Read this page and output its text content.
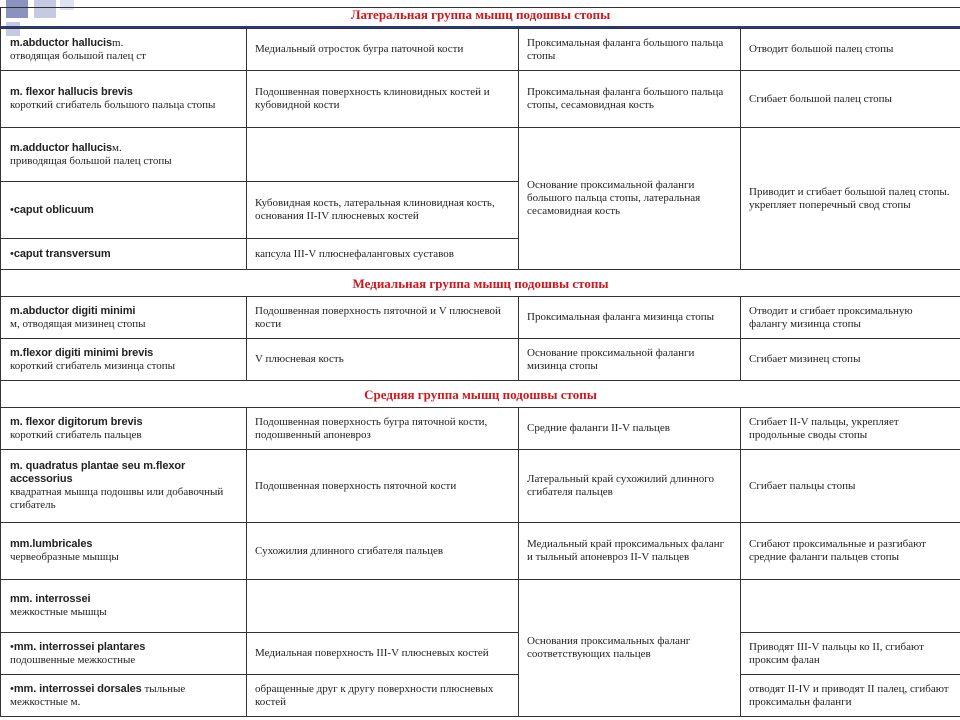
Латеральная группа мышц подошвы стопы			
m.abductor hallucism.
отводящая большой палец ст	Медиальный отросток бугра паточной кости	Проксимальная фаланга большого пальца стопы	Отводит большой палец стопы
m. flexor hallucis brevis
короткий сгибатель большого пальца стопы	Подошвенная поверхность клиновидных костей и кубовидной кости	Проксимальная фаланга большого пальца стопы, сесамовидная кость	Сгибает большой палец стопы
m.adductor hallucisм.
приводящая большой палец стопы		Основание проксимальной фаланги большого пальца стопы, латеральная сесамовидная кость	Приводит и сгибает большой палец стопы. укрепляет поперечный свод стопы
•caput oblicuum	Кубовидная кость, латеральная клиновидная кость, основания II-IV плюсневых костей		
•caput transversum	капсула III-V плюснефаланговых суставов		
Медиальная группа мышц подошвы стопы			
m.abductor digiti minimi
м, отводящая мизинец стопы	Подошвенная поверхность пяточной и V плюсневой кости	Проксимальная фаланга мизинца стопы	Отводит и сгибает проксимальную фалангу мизинца стопы
m.flexor digiti minimi brevis
короткий сгибатель мизинца стопы	V плюсневая кость	Основание проксимальной фаланги мизинца стопы	Сгибает мизинец стопы
Средняя группа мышц подошвы стопы			
m. flexor digitorum brevis
короткий сгибатель пальцев	Подошвенная поверхность бугра пяточной кости, подошвенный апоневроз	Средние фаланги II-V пальцев	Сгибает II-V пальцы, укрепляет продольные своды стопы
m. quadratus plantae seu m.flexor accessorius
квадратная мышца подошвы или добавочный сгибатель	Подошвенная поверхность пяточной кости	Латеральный край сухожилий длинного сгибателя пальцев	Сгибает пальцы стопы
mm.lumbricales
червеобразные мышцы	Сухожилия длинного сгибателя пальцев	Медиальный край проксимальных фаланг и тыльный апоневроз II-V пальцев	Сгибают проксимальные и разгибают средние фаланги пальцев стопы
mm. interrossei
межкостные мышцы		Основания проксимальных фаланг соответствующих пальцев	
•mm. interrossei plantares
подошвенные межкостные	Медиальная поверхность III-V плюсневых костей		Приводят III-V пальцы ко II, сгибают проксим фалан
•mm. interrossei dorsales тыльные
межкостные м.	обращенные друг к другу поверхности плюсневых костей		отводят II-IV и приводят II палец, сгибают проксимальн фаланги
